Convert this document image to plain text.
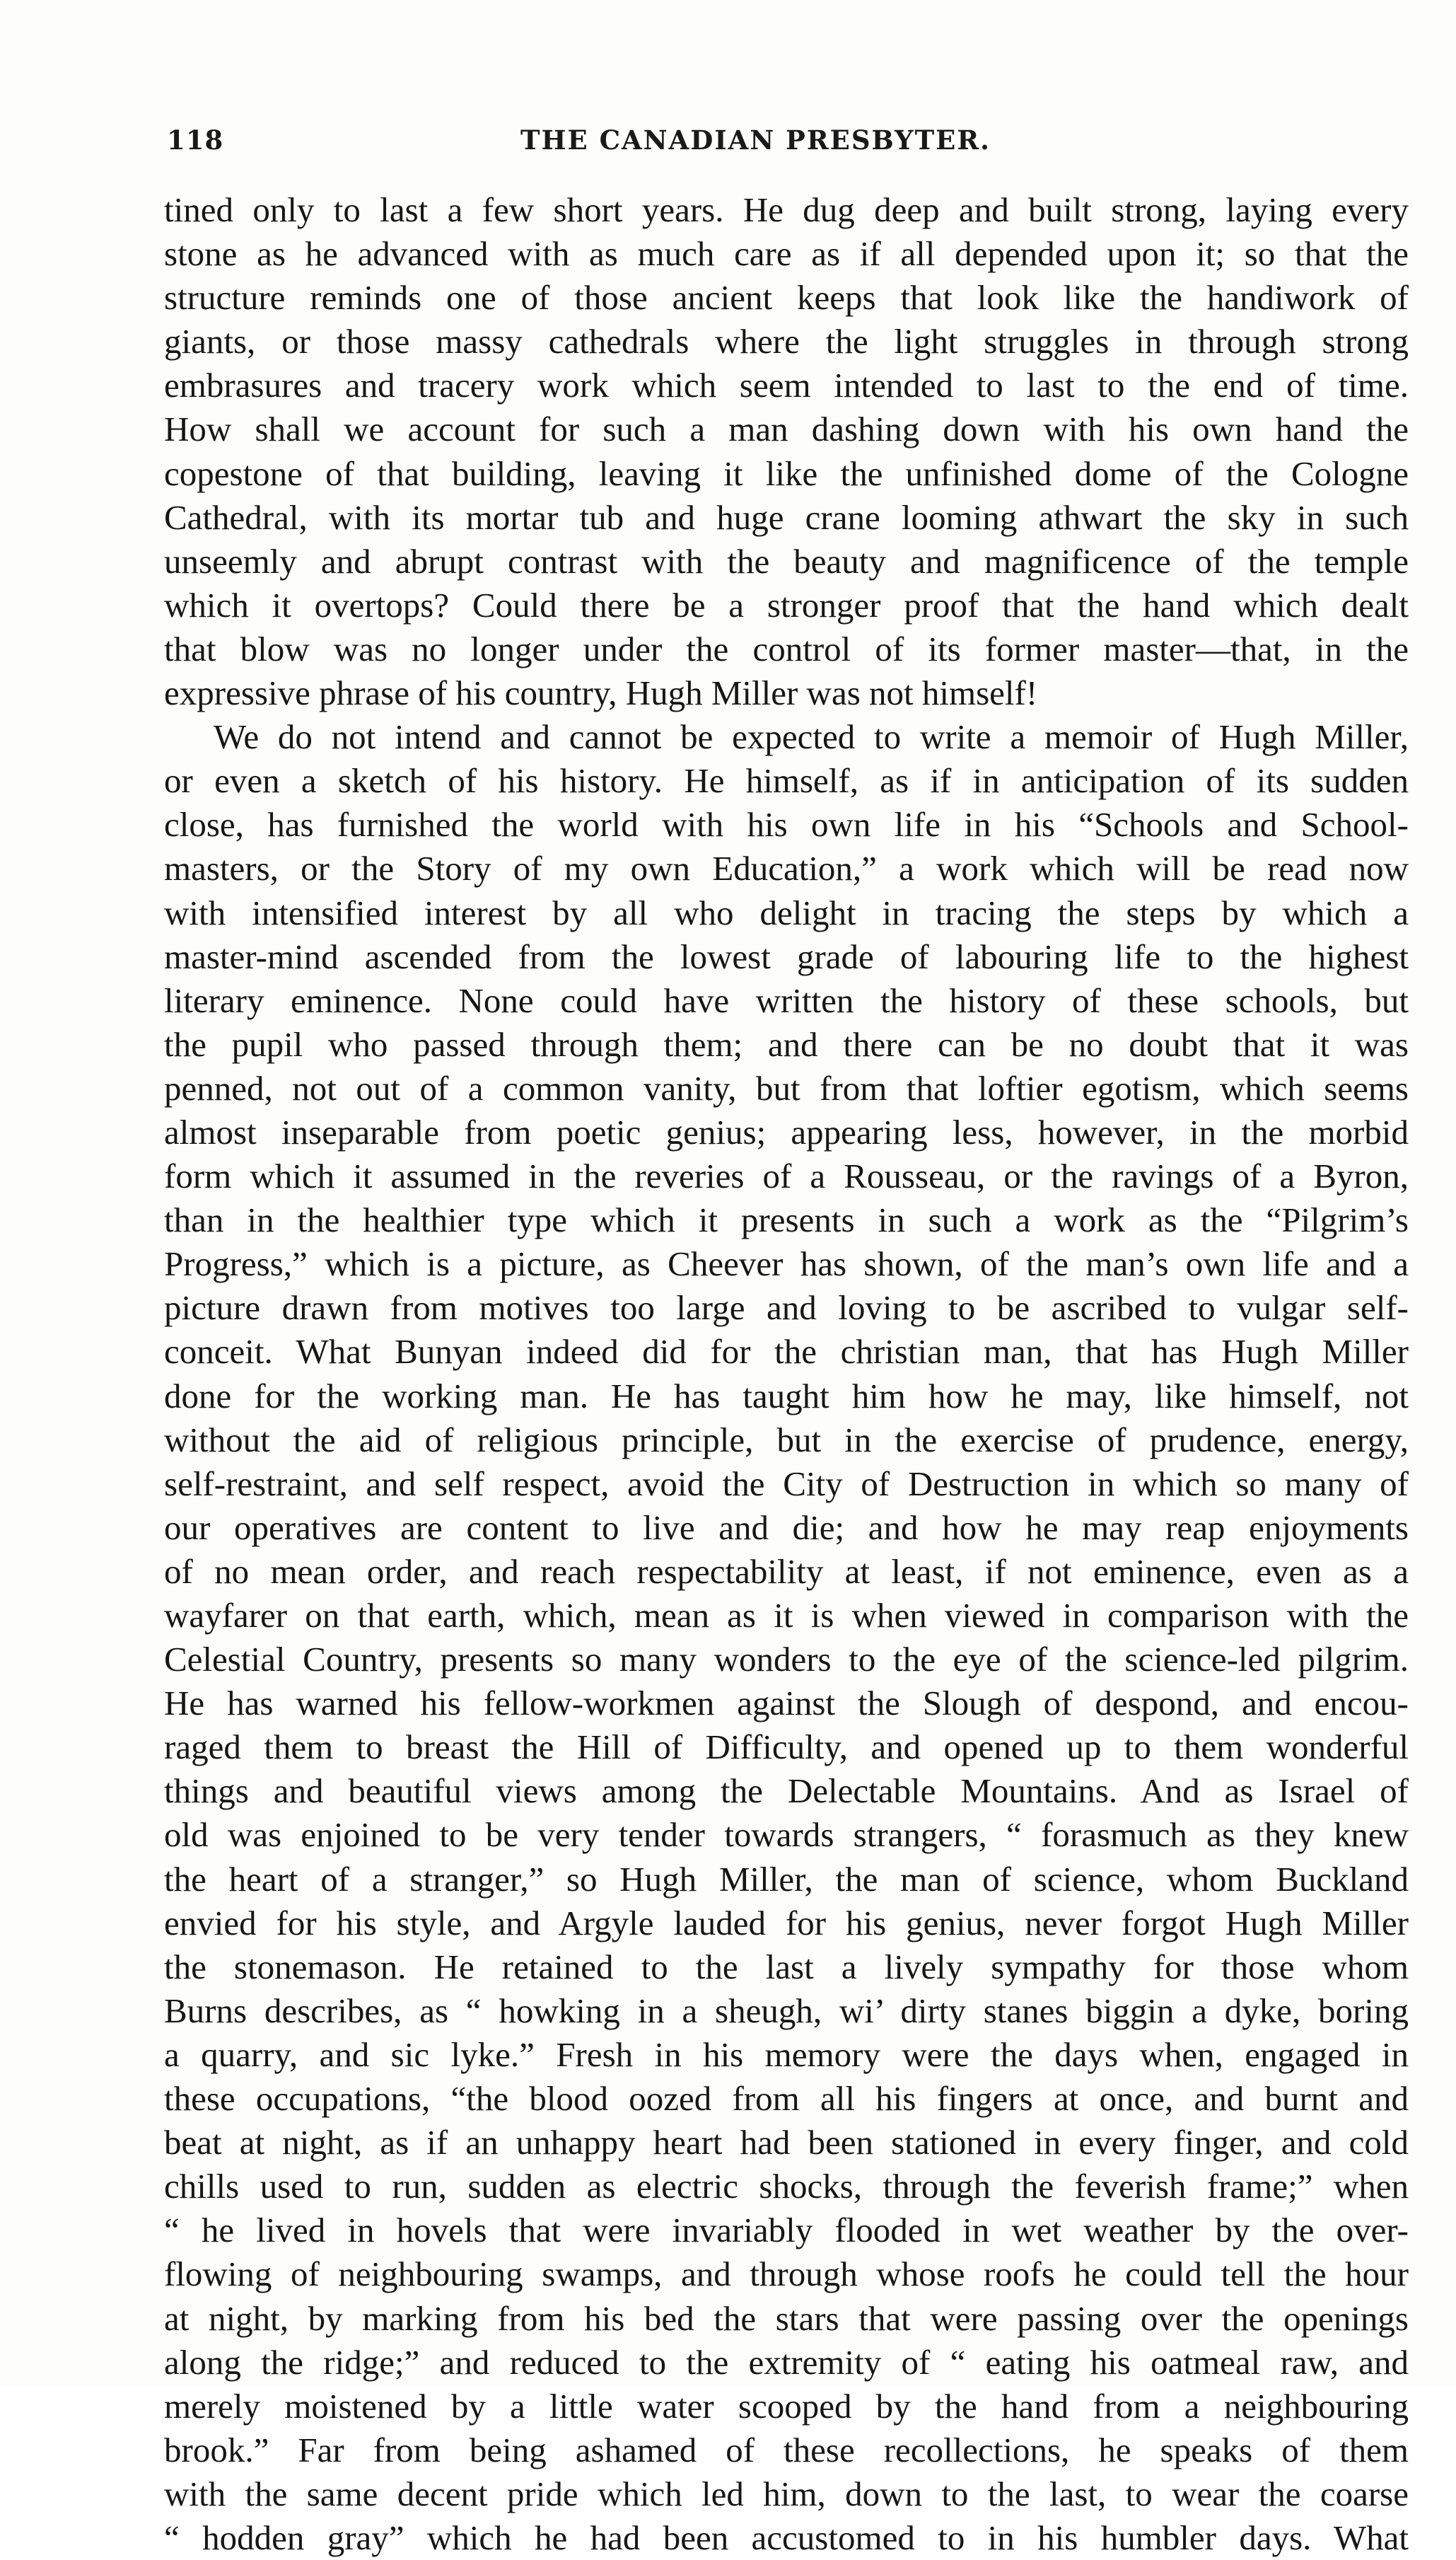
118	THE CANADIAN PRESBYTER.
tined only to last a few short years. He dug deep and built strong, laying every
stone as he advanced with as much care as if all depended upon it; so that the
structure reminds one of those ancient keeps that look like the handiwork of
giants, or those massy cathedrals where the light struggles in through strong
embrasures and tracery work which seem intended to last to the end of time.
How shall we account for such a man dashing down with his own hand the
copestone of that building, leaving it like the unfinished dome of the Cologne
Cathedral, with its mortar tub and huge crane looming athwart the sky in such
unseemly and abrupt contrast with the beauty and magnificence of the temple
which it overtops? Could there be a stronger proof that the hand which dealt
that blow was no longer under the control of its former master—that, in the
expressive phrase of his country, Hugh Miller was not himself!
We do not intend and cannot be expected to write a memoir of Hugh Miller,
or even a sketch of his history. He himself, as if in anticipation of its sudden
close, has furnished the world with his own life in his “Schools and School-
masters, or the Story of my own Education,” a work which will be read now
with intensified interest by all who delight in tracing the steps by which a
master-mind ascended from the lowest grade of labouring life to the highest
literary eminence. None could have written the history of these schools, but
the pupil who passed through them; and there can be no doubt that it was
penned, not out of a common vanity, but from that loftier egotism, which seems
almost inseparable from poetic genius; appearing less, however, in the morbid
form which it assumed in the reveries of a Rousseau, or the ravings of a Byron,
than in the healthier type which it presents in such a work as the “Pilgrim’s
Progress,” which is a picture, as Cheever has shown, of the man’s own life and a
picture drawn from motives too large and loving to be ascribed to vulgar self-
conceit. What Bunyan indeed did for the christian man, that has Hugh Miller
done for the working man. He has taught him how he may, like himself, not
without the aid of religious principle, but in the exercise of prudence, energy,
self-restraint, and self respect, avoid the City of Destruction in which so many of
our operatives are content to live and die; and how he may reap enjoyments
of no mean order, and reach respectability at least, if not eminence, even as a
wayfarer on that earth, which, mean as it is when viewed in comparison with the
Celestial Country, presents so many wonders to the eye of the science-led pilgrim.
He has warned his fellow-workmen against the Slough of despond, and encou-
raged them to breast the Hill of Difficulty, and opened up to them wonderful
things and beautiful views among the Delectable Mountains. And as Israel of
old was enjoined to be very tender towards strangers, “ forasmuch as they knew
the heart of a stranger,” so Hugh Miller, the man of science, whom Buckland
envied for his style, and Argyle lauded for his genius, never forgot Hugh Miller
the stonemason. He retained to the last a lively sympathy for those whom
Burns describes, as “ howking in a sheugh, wi’ dirty stanes biggin a dyke, boring
a quarry, and sic lyke.” Fresh in his memory were the days when, engaged in
these occupations, “the blood oozed from all his fingers at once, and burnt and
beat at night, as if an unhappy heart had been stationed in every finger, and cold
chills used to run, sudden as electric shocks, through the feverish frame;” when
“ he lived in hovels that were invariably flooded in wet weather by the over-
flowing of neighbouring swamps, and through whose roofs he could tell the hour
at night, by marking from his bed the stars that were passing over the openings
along the ridge;” and reduced to the extremity of “ eating his oatmeal raw, and
merely moistened by a little water scooped by the hand from a neighbouring
brook.” Far from being ashamed of these recollections, he speaks of them
with the same decent pride which led him, down to the last, to wear the coarse
“ hodden gray” which he had been accustomed to in his humbler days. What
